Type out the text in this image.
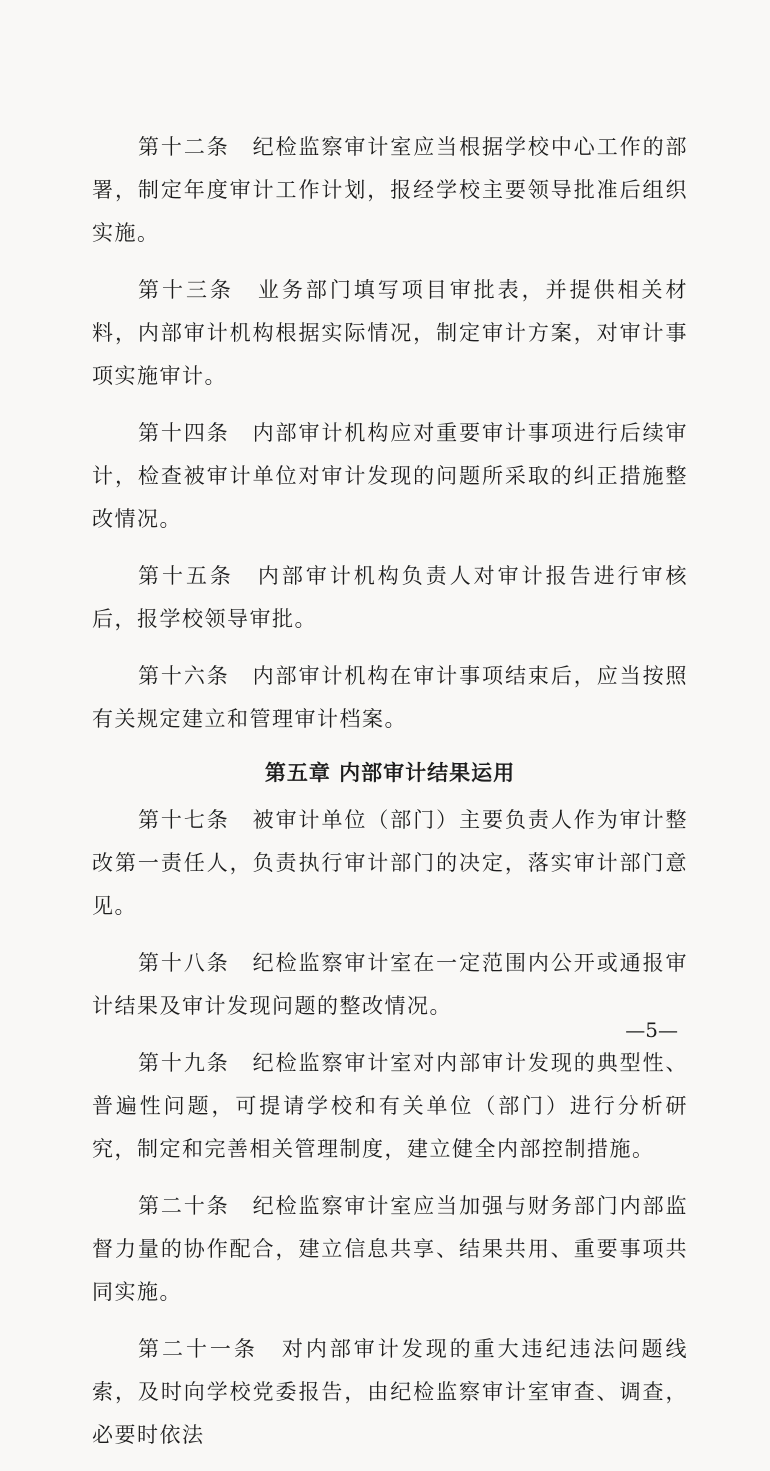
第十二条　纪检监察审计室应当根据学校中心工作的部署，制定年度审计工作计划，报经学校主要领导批准后组织实施。

第十三条　业务部门填写项目审批表，并提供相关材料，内部审计机构根据实际情况，制定审计方案，对审计事项实施审计。

第十四条　内部审计机构应对重要审计事项进行后续审计，检查被审计单位对审计发现的问题所采取的纠正措施整改情况。

第十五条　内部审计机构负责人对审计报告进行审核后，报学校领导审批。

第十六条　内部审计机构在审计事项结束后，应当按照有关规定建立和管理审计档案。

第五章 内部审计结果运用

第十七条　被审计单位（部门）主要负责人作为审计整改第一责任人，负责执行审计部门的决定，落实审计部门意见。

第十八条　纪检监察审计室在一定范围内公开或通报审计结果及审计发现问题的整改情况。

第十九条　纪检监察审计室对内部审计发现的典型性、普遍性问题，可提请学校和有关单位（部门）进行分析研究，制定和完善相关管理制度，建立健全内部控制措施。

第二十条　纪检监察审计室应当加强与财务部门内部监督力量的协作配合，建立信息共享、结果共用、重要事项共同实施。

第二十一条　对内部审计发现的重大违纪违法问题线索，及时向学校党委报告，由纪检监察审计室审查、调查，必要时依法

—5—
